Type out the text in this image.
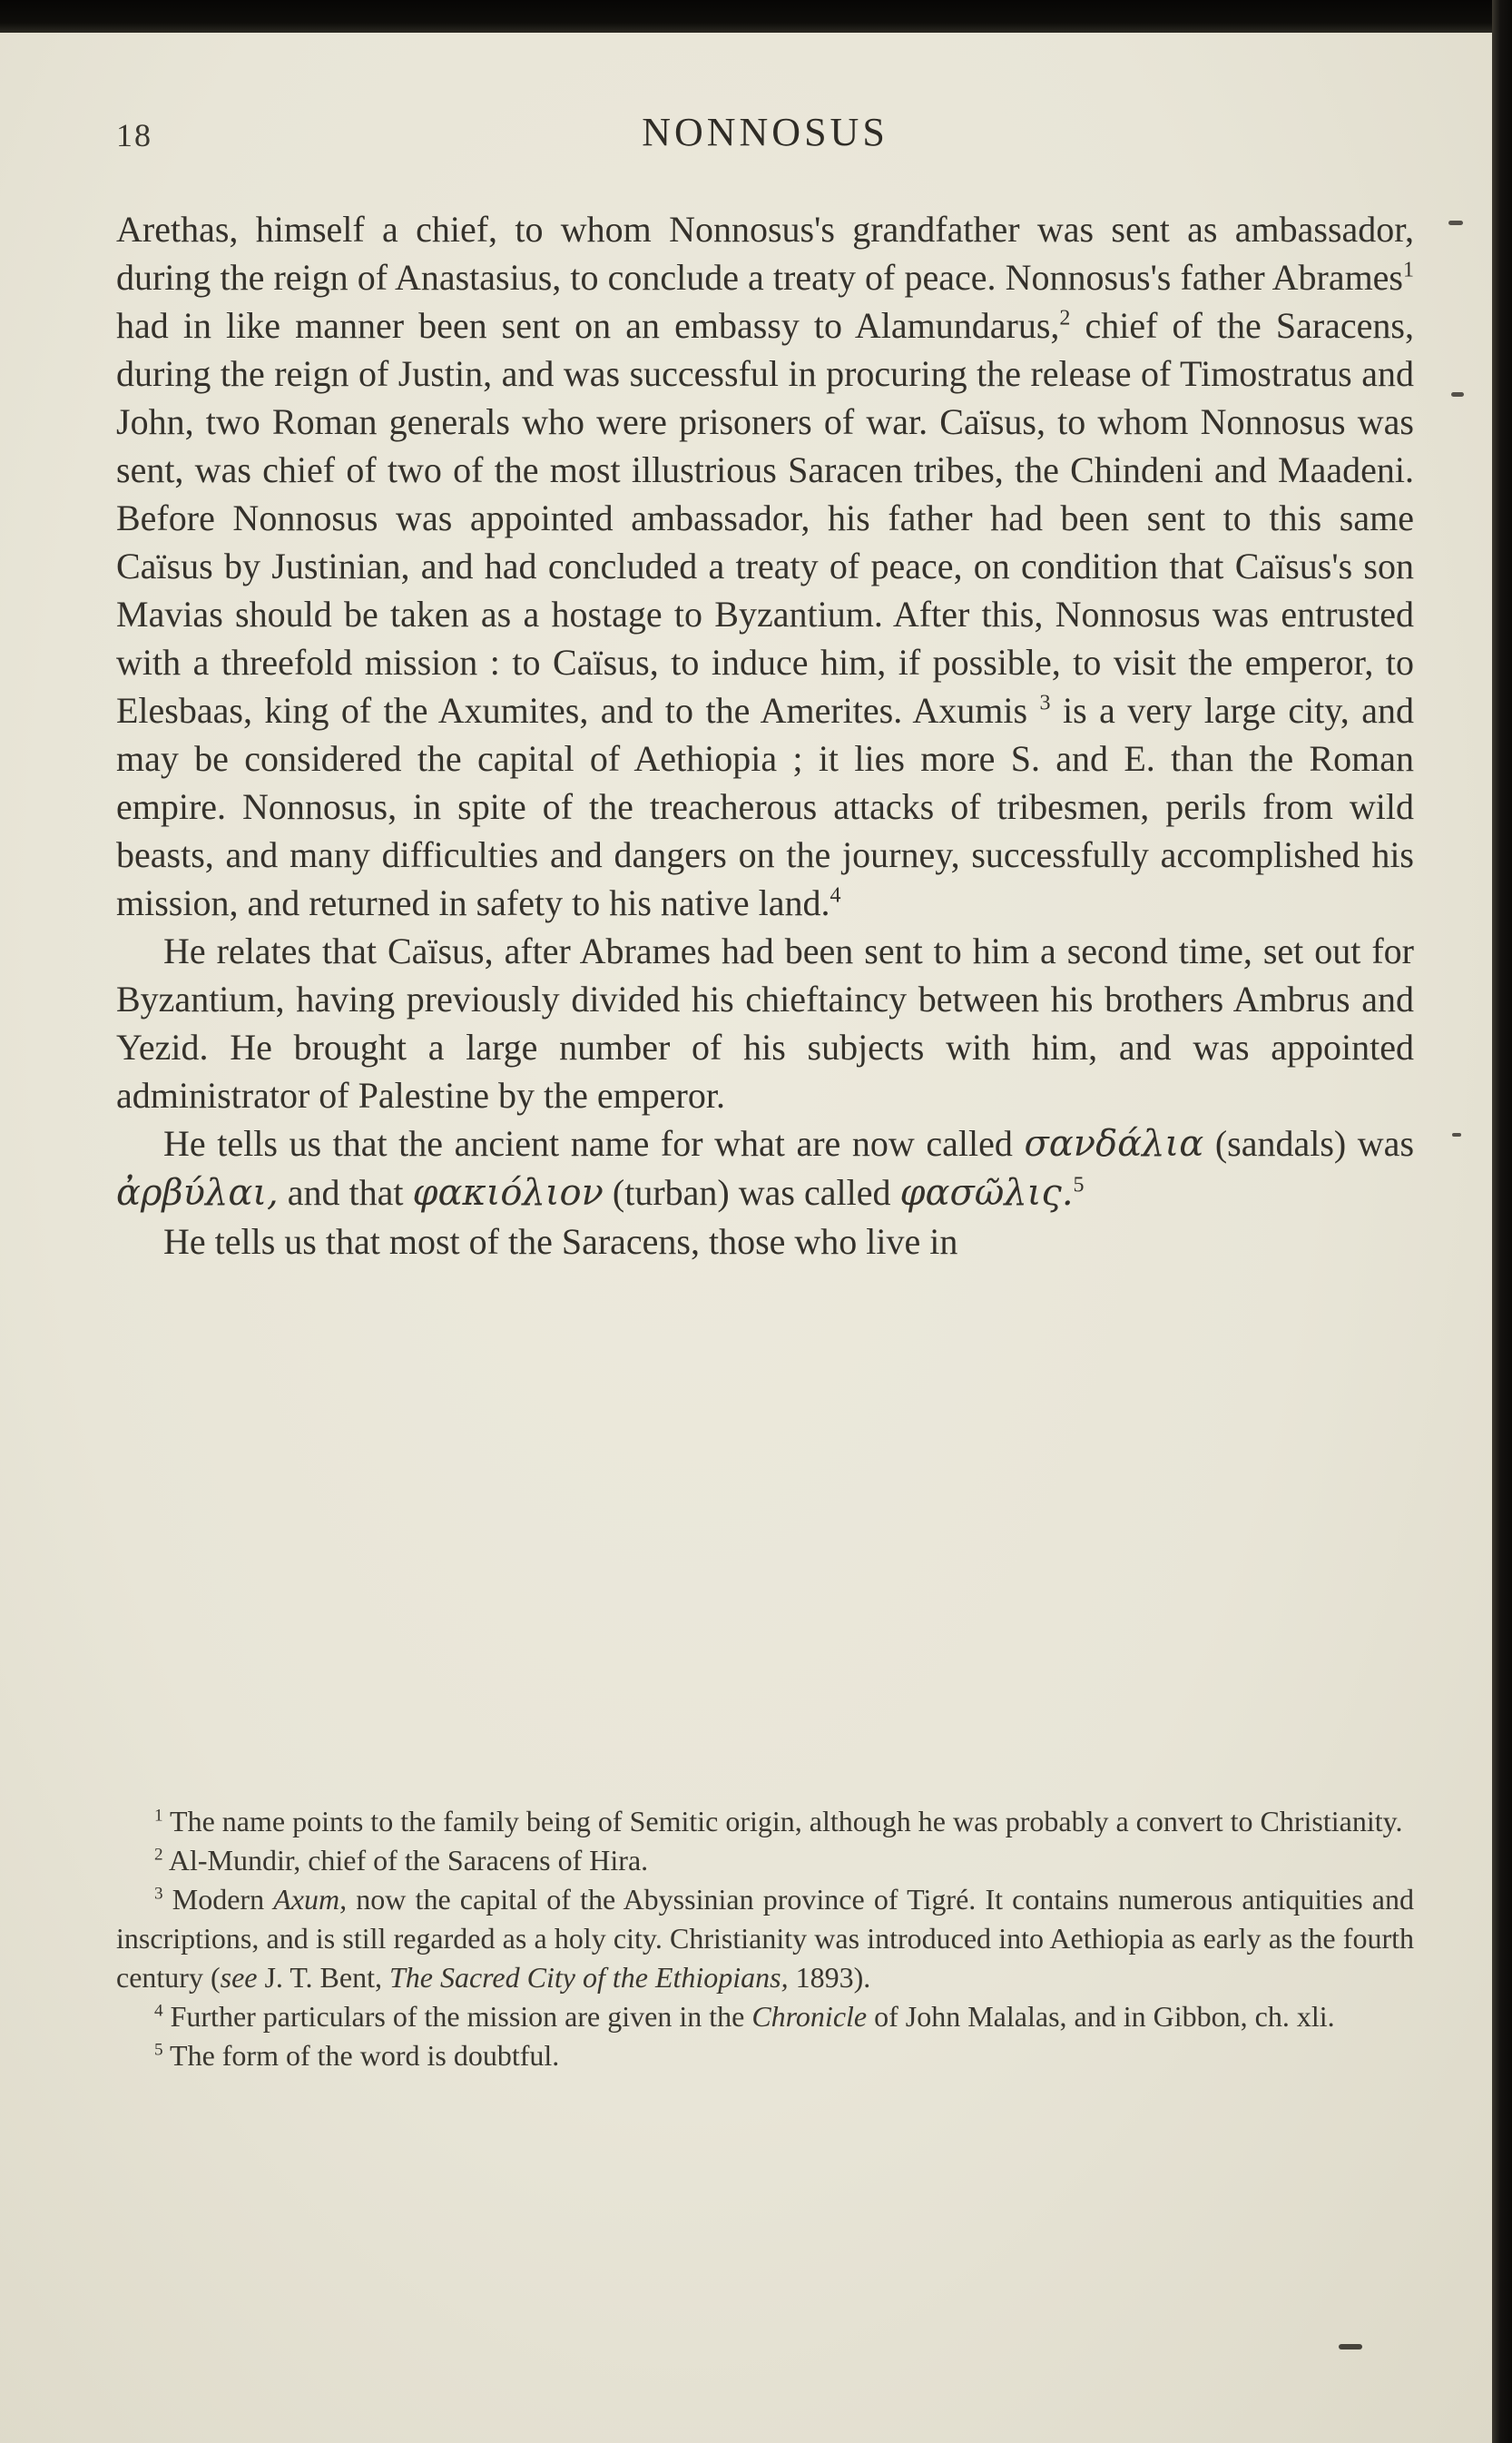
18	NONNOSUS

Arethas, himself a chief, to whom Nonnosus's grandfather was sent as ambassador, during the reign of Anastasius, to conclude a treaty of peace. Nonnosus's father Abrames$^1$ had in like manner been sent on an embassy to Alamundarus,$^2$ chief of the Saracens, during the reign of Justin, and was successful in procuring the release of Timostratus and John, two Roman generals who were prisoners of war. Caïsus, to whom Nonnosus was sent, was chief of two of the most illustrious Saracen tribes, the Chindeni and Maadeni. Before Nonnosus was appointed ambassador, his father had been sent to this same Caïsus by Justinian, and had concluded a treaty of peace, on condition that Caïsus's son Mavias should be taken as a hostage to Byzantium. After this, Nonnosus was entrusted with a threefold mission : to Caïsus, to induce him, if possible, to visit the emperor, to Elesbaas, king of the Axumites, and to the Amerites. Axumis $^3$ is a very large city, and may be considered the capital of Aethiopia ; it lies more S. and E. than the Roman empire. Nonnosus, in spite of the treacherous attacks of tribesmen, perils from wild beasts, and many difficulties and dangers on the journey, successfully accomplished his mission, and returned in safety to his native land.$^4$

He relates that Caïsus, after Abrames had been sent to him a second time, set out for Byzantium, having previously divided his chieftaincy between his brothers Ambrus and Yezid. He brought a large number of his subjects with him, and was appointed administrator of Palestine by the emperor.

He tells us that the ancient name for what are now called σανδάλια (sandals) was ἀρβύλαι, and that φακιόλιον (turban) was called φασῶλις.$^5$

He tells us that most of the Saracens, those who live in

$^1$ The name points to the family being of Semitic origin, although he was probably a convert to Christianity.

$^2$ Al-Mundir, chief of the Saracens of Hira.

$^3$ Modern Axum, now the capital of the Abyssinian province of Tigré. It contains numerous antiquities and inscriptions, and is still regarded as a holy city. Christianity was introduced into Aethiopia as early as the fourth century (see J. T. Bent, The Sacred City of the Ethiopians, 1893).

$^4$ Further particulars of the mission are given in the Chronicle of John Malalas, and in Gibbon, ch. xli.

$^5$ The form of the word is doubtful.
